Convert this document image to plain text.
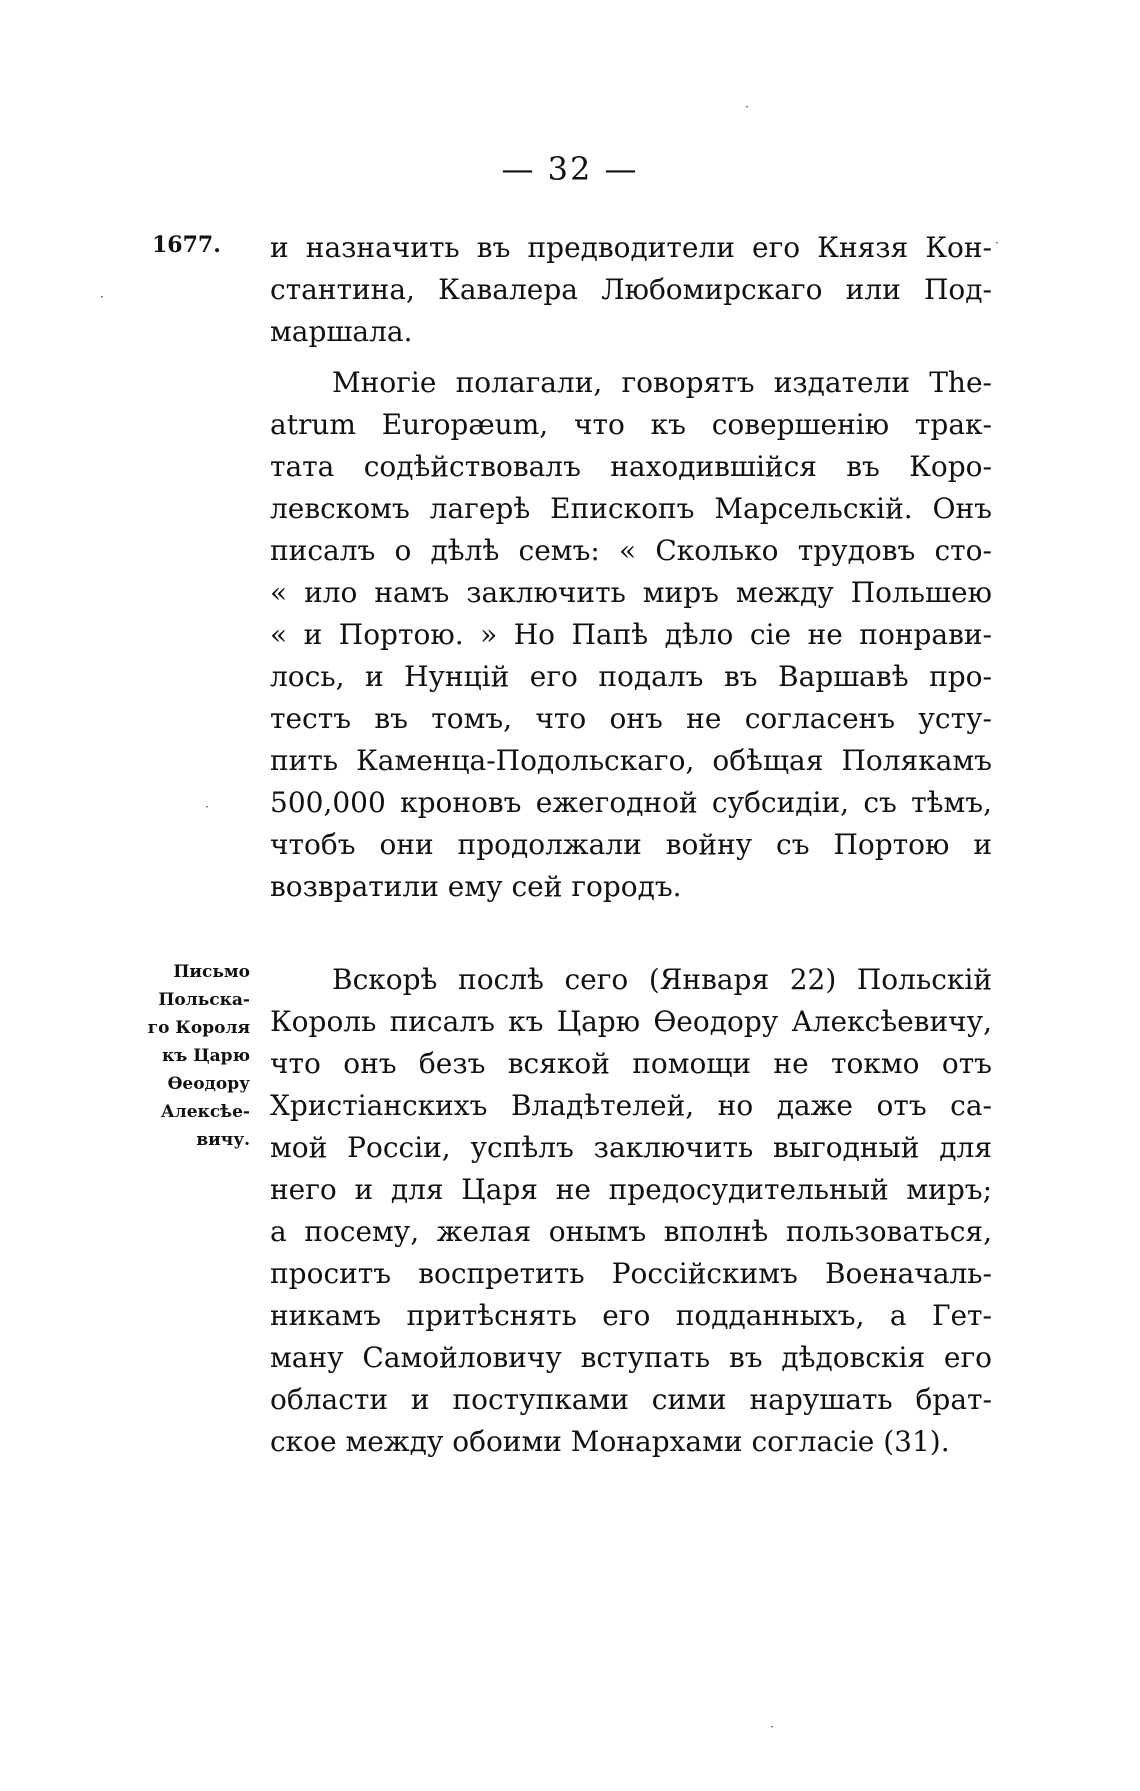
— 32 —
1677. и назначить въ предводители его Князя Кон-
стантина, Кавалера Любомирскаго или Под-
маршала.
Многіе полагали, говорятъ издатели The-
atrum Europæum, что къ совершенію трак-
тата содѣйствовалъ находившійся въ Коро-
левскомъ лагерѣ Епископъ Марсельскій. Онъ
писалъ о дѣлѣ семъ: « Сколько трудовъ сто-
« ило намъ заключить миръ между Польшею
« и Портою. » Но Папѣ дѣло сіе не понрави-
лось, и Нунцій его подалъ въ Варшавѣ про-
тестъ въ томъ, что онъ не согласенъ усту-
пить Каменца-Подольскаго, обѣщая Полякамъ
500,000 кроновъ ежегодной субсидіи, съ тѣмъ,
чтобъ они продолжали войну съ Портою и
возвратили ему сей городъ.
Письмо
Польска-
го Короля
къ Царю
Ѳеодору
Алексѣе-
вичу.
Вскорѣ послѣ сего (Января 22) Польскій
Король писалъ къ Царю Ѳеодору Алексѣевичу,
что онъ безъ всякой помощи не токмо отъ
Христіанскихъ Владѣтелей, но даже отъ са-
мой Россіи, успѣлъ заключить выгодный для
него и для Царя не предосудительный миръ;
а посему, желая онымъ вполнѣ пользоваться,
проситъ воспретить Россійскимъ Военачаль-
никамъ притѣснять его подданныхъ, а Гет-
ману Самойловичу вступать въ дѣдовскія его
области и поступками сими нарушать брат-
ское между обоими Монархами согласіе (31).
·
·
·
·
·
